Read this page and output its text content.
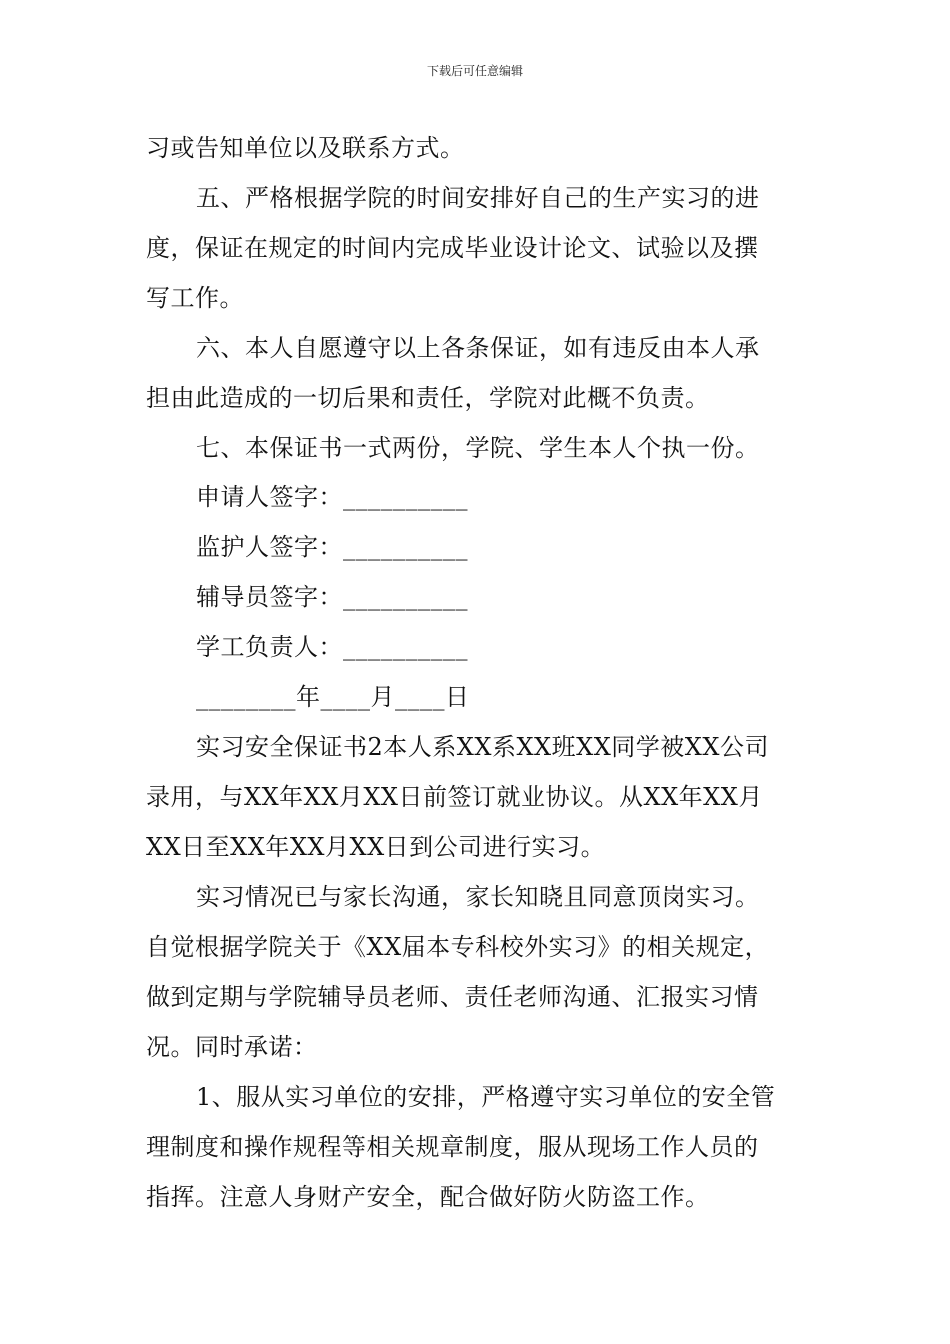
下载后可任意编辑
习或告知单位以及联系方式。
五、严格根据学院的时间安排好自己的生产实习的进
度，保证在规定的时间内完成毕业设计论文、试验以及撰
写工作。
六、本人自愿遵守以上各条保证，如有违反由本人承
担由此造成的一切后果和责任，学院对此概不负责。
七、本保证书一式两份，学院、学生本人个执一份。
申请人签字：__________
监护人签字：__________
辅导员签字：__________
学工负责人：__________
________年____月____日
实习安全保证书2本人系XX系XX班XX同学被XX公司
录用，与XX年XX月XX日前签订就业协议。从XX年XX月
XX日至XX年XX月XX日到公司进行实习。
实习情况已与家长沟通，家长知晓且同意顶岗实习。
自觉根据学院关于《XX届本专科校外实习》的相关规定，
做到定期与学院辅导员老师、责任老师沟通、汇报实习情
况。同时承诺：
1、服从实习单位的安排，严格遵守实习单位的安全管
理制度和操作规程等相关规章制度，服从现场工作人员的
指挥。注意人身财产安全，配合做好防火防盗工作。
